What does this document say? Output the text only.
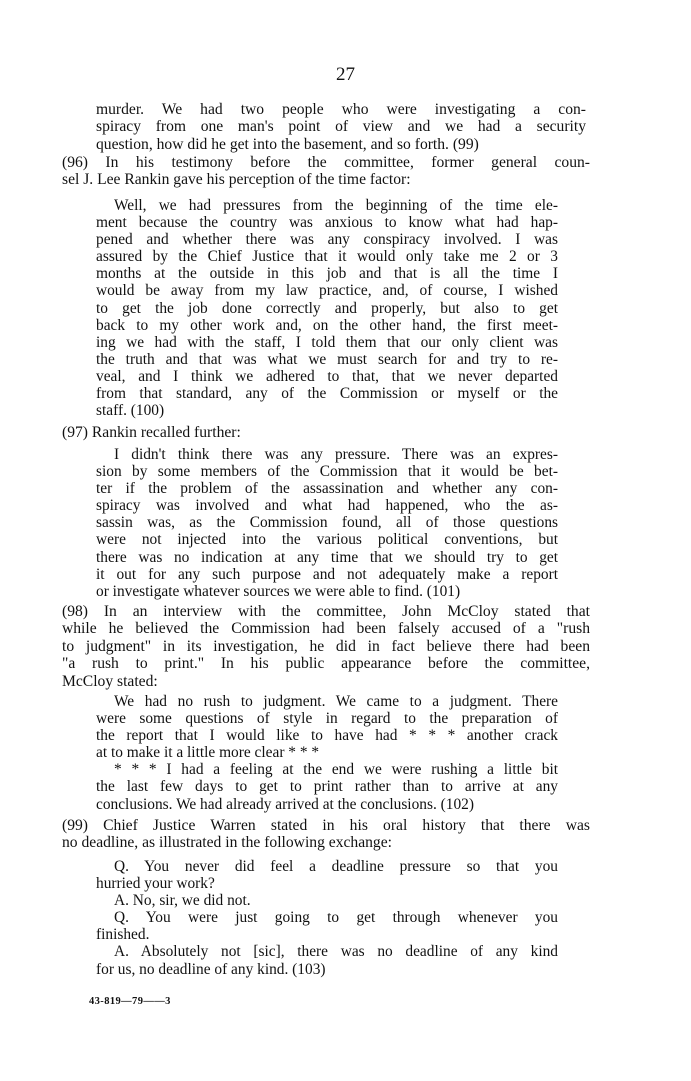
27
murder. We had two people who were investigating a con-
spiracy from one man's point of view and we had a security
question, how did he get into the basement, and so forth. (99)
(96) In his testimony before the committee, former general coun-
sel J. Lee Rankin gave his perception of the time factor:
Well, we had pressures from the beginning of the time ele-
ment because the country was anxious to know what had hap-
pened and whether there was any conspiracy involved. I was
assured by the Chief Justice that it would only take me 2 or 3
months at the outside in this job and that is all the time I
would be away from my law practice, and, of course, I wished
to get the job done correctly and properly, but also to get
back to my other work and, on the other hand, the first meet-
ing we had with the staff, I told them that our only client was
the truth and that was what we must search for and try to re-
veal, and I think we adhered to that, that we never departed
from that standard, any of the Commission or myself or the
staff. (100)
(97) Rankin recalled further:
I didn't think there was any pressure. There was an expres-
sion by some members of the Commission that it would be bet-
ter if the problem of the assassination and whether any con-
spiracy was involved and what had happened, who the as-
sassin was, as the Commission found, all of those questions
were not injected into the various political conventions, but
there was no indication at any time that we should try to get
it out for any such purpose and not adequately make a report
or investigate whatever sources we were able to find. (101)
(98) In an interview with the committee, John McCloy stated that
while he believed the Commission had been falsely accused of a "rush
to judgment" in its investigation, he did in fact believe there had been
"a rush to print." In his public appearance before the committee,
McCloy stated:
We had no rush to judgment. We came to a judgment. There
were some questions of style in regard to the preparation of
the report that I would like to have had * * * another crack
at to make it a little more clear * * *
* * * I had a feeling at the end we were rushing a little bit
the last few days to get to print rather than to arrive at any
conclusions. We had already arrived at the conclusions. (102)
(99) Chief Justice Warren stated in his oral history that there was
no deadline, as illustrated in the following exchange:
Q. You never did feel a deadline pressure so that you
hurried your work?
A. No, sir, we did not.
Q. You were just going to get through whenever you
finished.
A. Absolutely not [sic], there was no deadline of any kind
for us, no deadline of any kind. (103)
43-819—79——3
